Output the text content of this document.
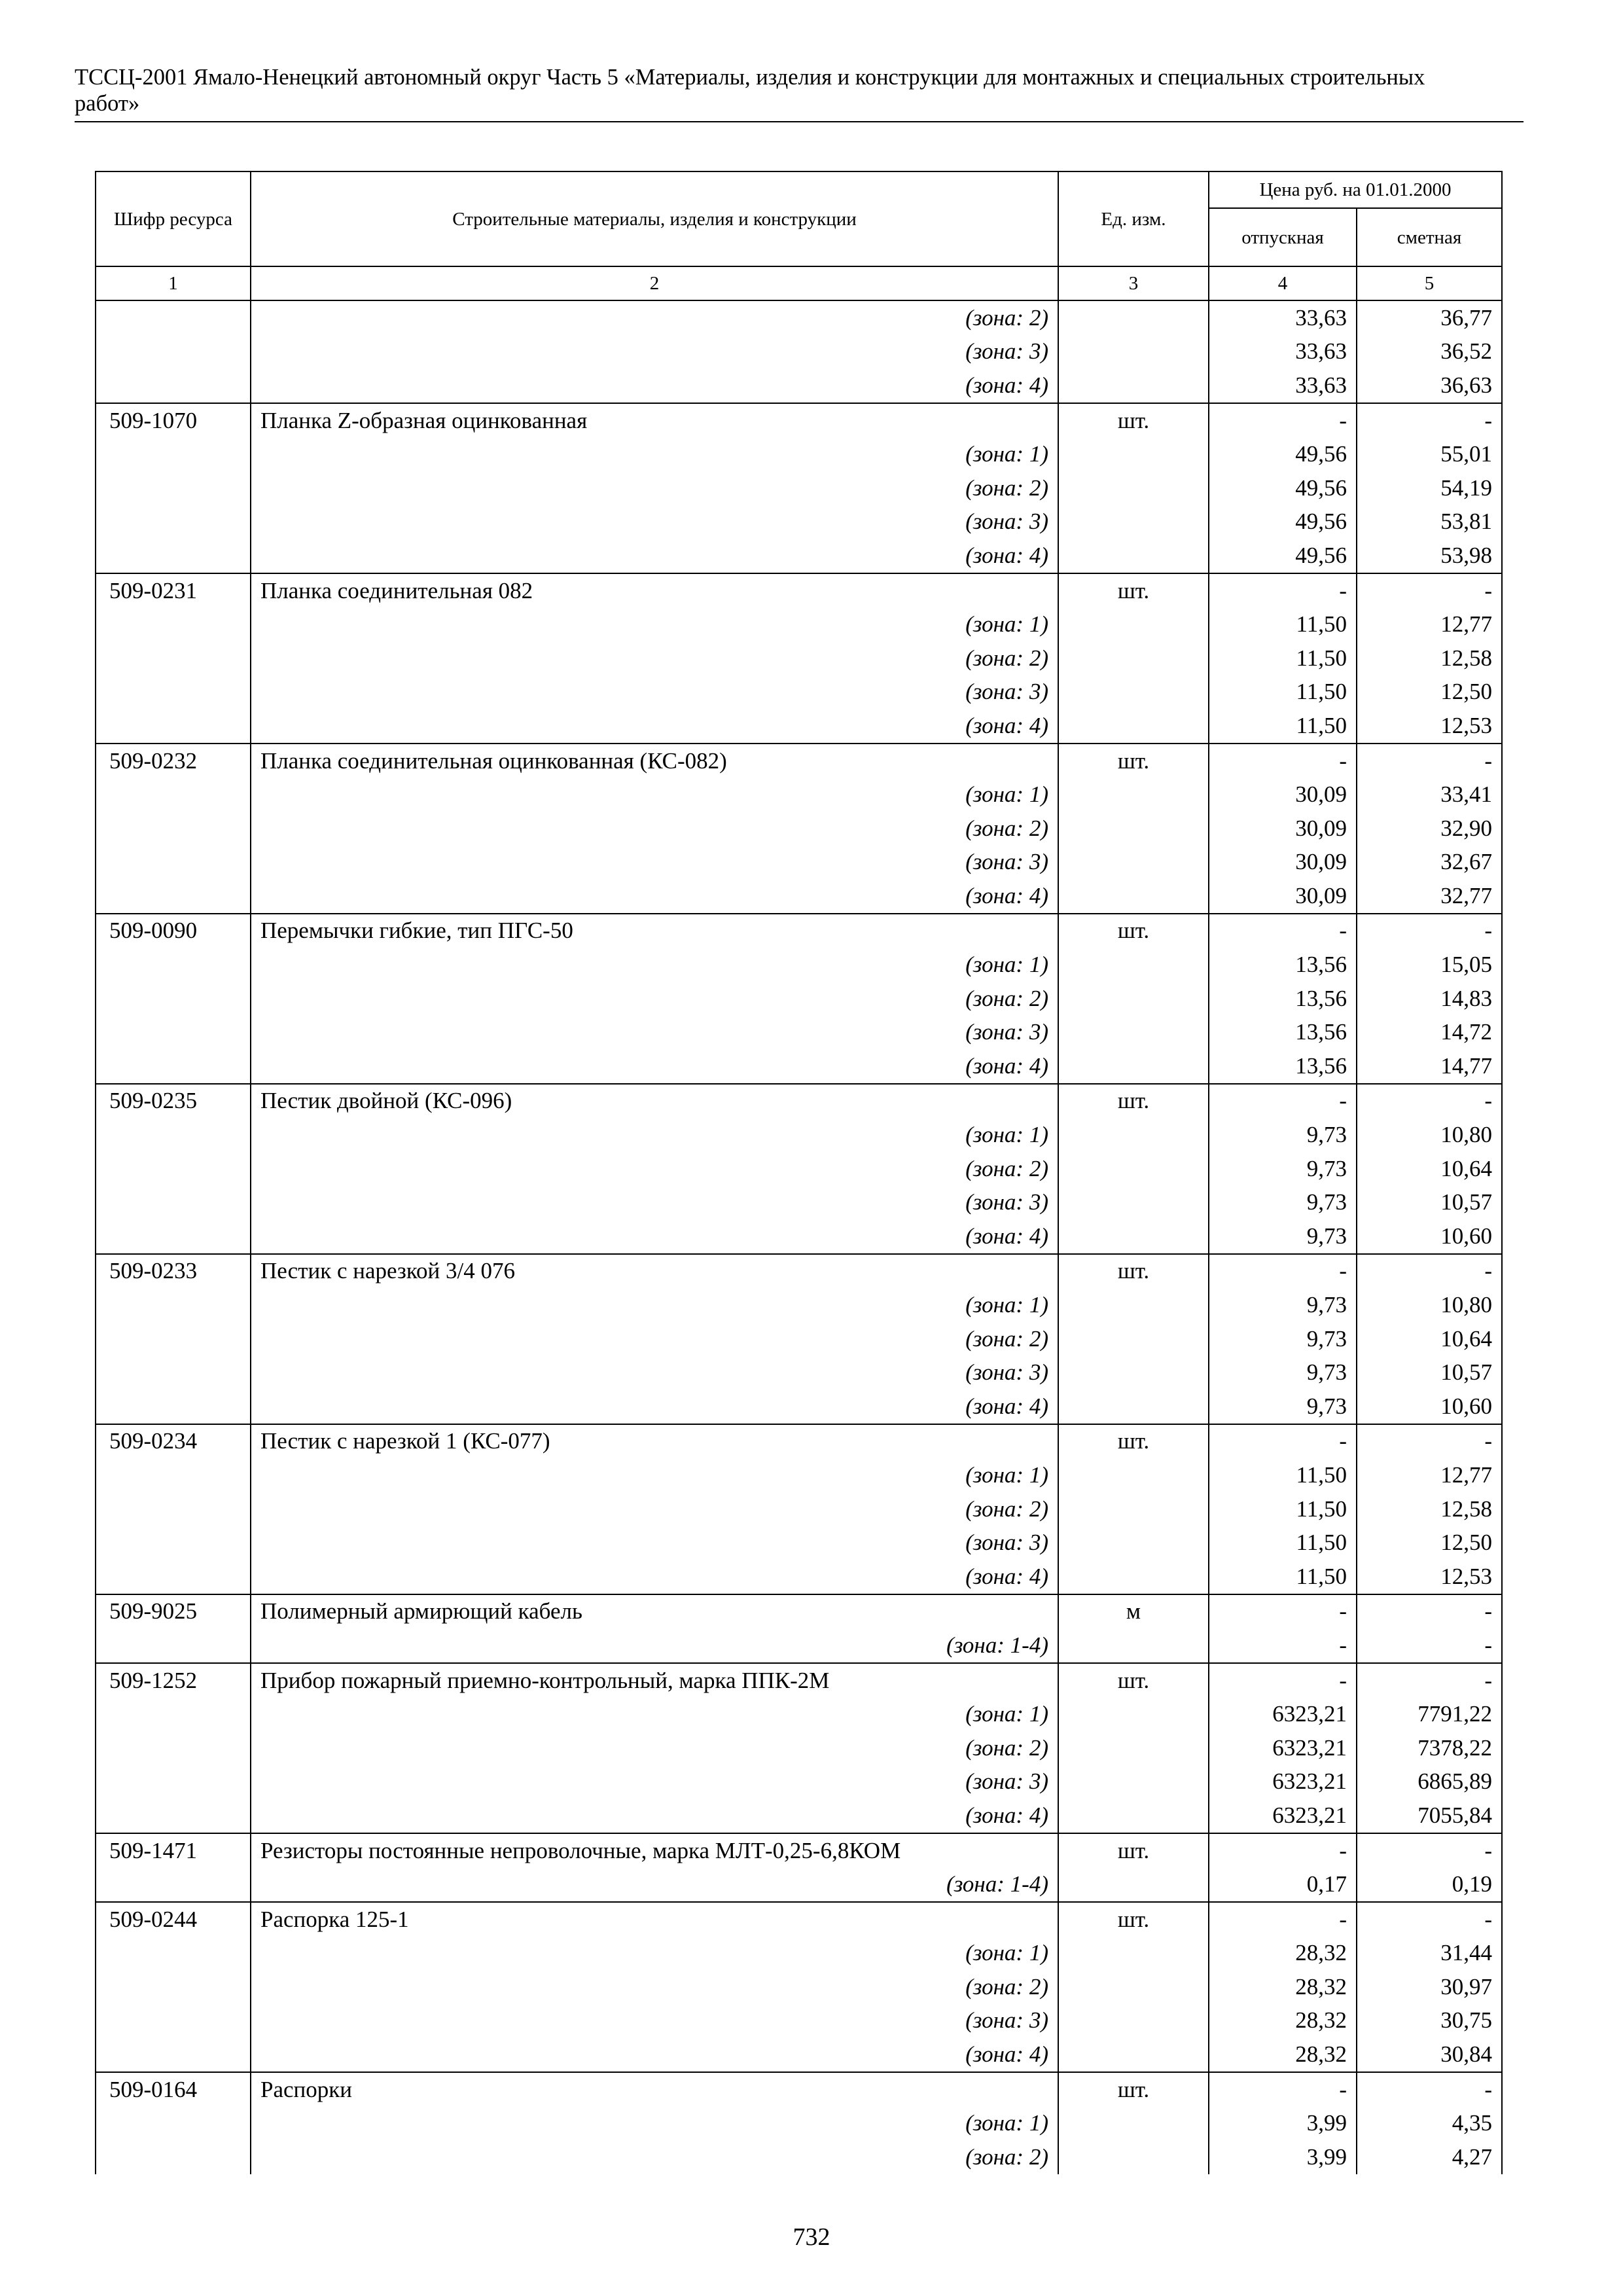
ТССЦ-2001 Ямало-Ненецкий автономный округ Часть 5 «Материалы, изделия и конструкции для монтажных и специальных строительных работ»
Шифр ресурса	Строительные материалы, изделия и конструкции	Ед. изм.	Цена руб. на 01.01.2000	
			отпускная	сметная
1	2	3	4	5
	(зона: 2)		33,63	36,77
	(зона: 3)		33,63	36,52
	(зона: 4)		33,63	36,63
509-1070	Планка Z-образная оцинкованная	шт.	-	-
	(зона: 1)		49,56	55,01
	(зона: 2)		49,56	54,19
	(зона: 3)		49,56	53,81
	(зона: 4)		49,56	53,98
509-0231	Планка соединительная 082	шт.	-	-
	(зона: 1)		11,50	12,77
	(зона: 2)		11,50	12,58
	(зона: 3)		11,50	12,50
	(зона: 4)		11,50	12,53
509-0232	Планка соединительная оцинкованная (КС-082)	шт.	-	-
	(зона: 1)		30,09	33,41
	(зона: 2)		30,09	32,90
	(зона: 3)		30,09	32,67
	(зона: 4)		30,09	32,77
509-0090	Перемычки гибкие, тип ПГС-50	шт.	-	-
	(зона: 1)		13,56	15,05
	(зона: 2)		13,56	14,83
	(зона: 3)		13,56	14,72
	(зона: 4)		13,56	14,77
509-0235	Пестик двойной (КС-096)	шт.	-	-
	(зона: 1)		9,73	10,80
	(зона: 2)		9,73	10,64
	(зона: 3)		9,73	10,57
	(зона: 4)		9,73	10,60
509-0233	Пестик с нарезкой 3/4 076	шт.	-	-
	(зона: 1)		9,73	10,80
	(зона: 2)		9,73	10,64
	(зона: 3)		9,73	10,57
	(зона: 4)		9,73	10,60
509-0234	Пестик с нарезкой 1 (КС-077)	шт.	-	-
	(зона: 1)		11,50	12,77
	(зона: 2)		11,50	12,58
	(зона: 3)		11,50	12,50
	(зона: 4)		11,50	12,53
509-9025	Полимерный армирющий кабель	м	-	-
	(зона: 1-4)		-	-
509-1252	Прибор пожарный приемно-контрольный, марка ППК-2М	шт.	-	-
	(зона: 1)		6323,21	7791,22
	(зона: 2)		6323,21	7378,22
	(зона: 3)		6323,21	6865,89
	(зона: 4)		6323,21	7055,84
509-1471	Резисторы постоянные непроволочные, марка МЛТ-0,25-6,8КОМ	шт.	-	-
	(зона: 1-4)		0,17	0,19
509-0244	Распорка 125-1	шт.	-	-
	(зона: 1)		28,32	31,44
	(зона: 2)		28,32	30,97
	(зона: 3)		28,32	30,75
	(зона: 4)		28,32	30,84
509-0164	Распорки	шт.	-	-
	(зона: 1)		3,99	4,35
	(зона: 2)		3,99	4,27
732
